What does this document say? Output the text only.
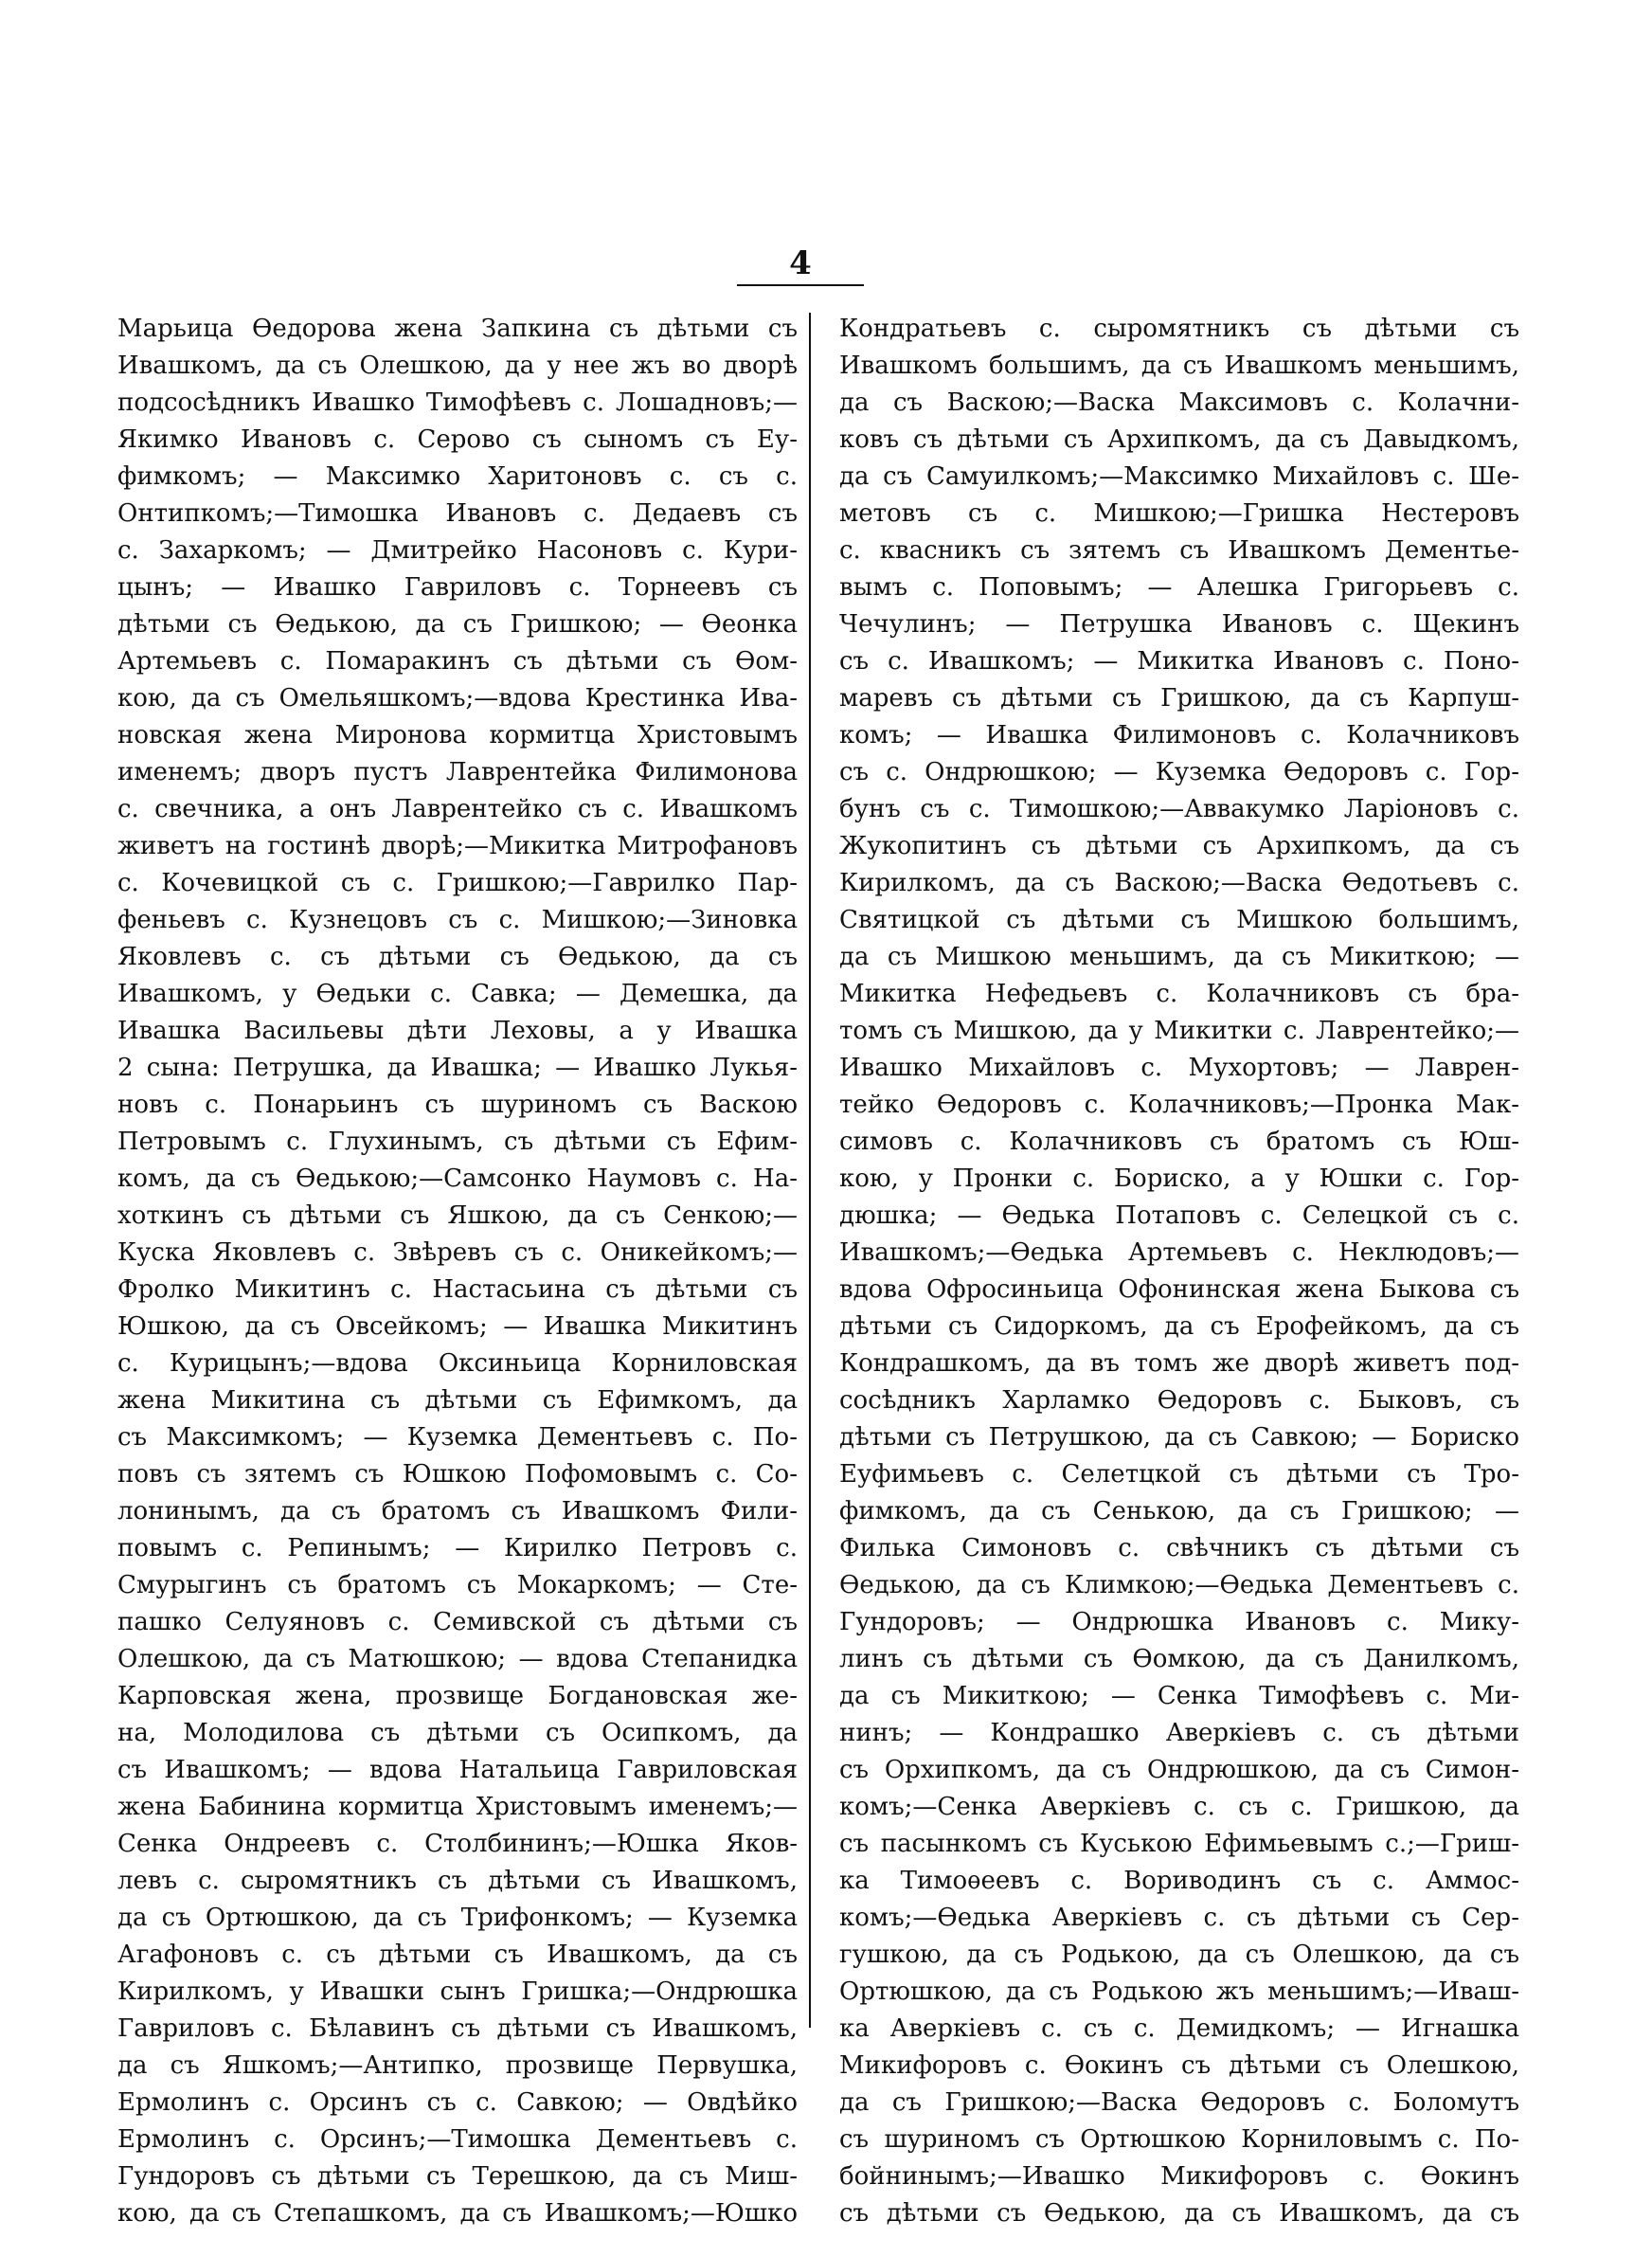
4
Марьица Өедорова жена Запкина съ дѣтьми съ
Ивашкомъ, да съ Олешкою, да у нее жъ во дворѣ
подсосѣдникъ Ивашко Тимофѣевъ с. Лошадновъ;—
Якимко Ивановъ с. Серово съ сыномъ съ Еу-
фимкомъ; — Максимко Харитоновъ с. съ с.
Онтипкомъ;—Тимошка Ивановъ с. Дедаевъ съ
с. Захаркомъ; — Дмитрейко Насоновъ с. Кури-
цынъ; — Ивашко Гавриловъ с. Торнеевъ съ
дѣтьми съ Өедькою, да съ Гришкою; — Өеонка
Артемьевъ с. Помаракинъ съ дѣтьми съ Өом-
кою, да съ Омельяшкомъ;—вдова Крестинка Ива-
новская жена Миронова кормитца Христовымъ
именемъ; дворъ пустъ Лаврентейка Филимонова
с. свечника, а онъ Лаврентейко съ с. Ивашкомъ
живетъ на гостинѣ дворѣ;—Микитка Митрофановъ
с. Кочевицкой съ с. Гришкою;—Гаврилко Пар-
феньевъ с. Кузнецовъ съ с. Мишкою;—Зиновка
Яковлевъ с. съ дѣтьми съ Өедькою, да съ
Ивашкомъ, у Өедьки с. Савка; — Демешка, да
Ивашка Васильевы дѣти Леховы, а у Ивашка
2 сына: Петрушка, да Ивашка; — Ивашко Лукья-
новъ с. Понарьинъ съ шуриномъ съ Васкою
Петровымъ с. Глухинымъ, съ дѣтьми съ Ефим-
комъ, да съ Өедькою;—Самсонко Наумовъ с. На-
хоткинъ съ дѣтьми съ Яшкою, да съ Сенкою;—
Куска Яковлевъ с. Звѣревъ съ с. Оникейкомъ;—
Фролко Микитинъ с. Настасьина съ дѣтьми съ
Юшкою, да съ Овсейкомъ; — Ивашка Микитинъ
с. Курицынъ;—вдова Оксиньица Корниловская
жена Микитина съ дѣтьми съ Ефимкомъ, да
съ Максимкомъ; — Куземка Дементьевъ с. По-
повъ съ зятемъ съ Юшкою Пофомовымъ с. Со-
лонинымъ, да съ братомъ съ Ивашкомъ Фили-
повымъ с. Репинымъ; — Кирилко Петровъ с.
Смурыгинъ съ братомъ съ Мокаркомъ; — Сте-
пашко Селуяновъ с. Семивской съ дѣтьми съ
Олешкою, да съ Матюшкою; — вдова Степанидка
Карповская жена, прозвище Богдановская же-
на, Молодилова съ дѣтьми съ Осипкомъ, да
съ Ивашкомъ; — вдова Натальица Гавриловская
жена Бабинина кормитца Христовымъ именемъ;—
Сенка Ондреевъ с. Столбининъ;—Юшка Яков-
левъ с. сыромятникъ съ дѣтьми съ Ивашкомъ,
да съ Ортюшкою, да съ Трифонкомъ; — Куземка
Агафоновъ с. съ дѣтьми съ Ивашкомъ, да съ
Кирилкомъ, у Ивашки сынъ Гришка;—Ондрюшка
Гавриловъ с. Бѣлавинъ съ дѣтьми съ Ивашкомъ,
да съ Яшкомъ;—Антипко, прозвище Первушка,
Ермолинъ с. Орсинъ съ с. Савкою; — Овдѣйко
Ермолинъ с. Орсинъ;—Тимошка Дементьевъ с.
Гундоровъ съ дѣтьми съ Терешкою, да съ Миш-
кою, да съ Степашкомъ, да съ Ивашкомъ;—Юшко
Кондратьевъ с. сыромятникъ съ дѣтьми съ
Ивашкомъ большимъ, да съ Ивашкомъ меньшимъ,
да съ Васкою;—Васка Максимовъ с. Колачни-
ковъ съ дѣтьми съ Архипкомъ, да съ Давыдкомъ,
да съ Самуилкомъ;—Максимко Михайловъ с. Ше-
метовъ съ с. Мишкою;—Гришка Нестеровъ
с. квасникъ съ зятемъ съ Ивашкомъ Дементье-
вымъ с. Поповымъ; — Алешка Григорьевъ с.
Чечулинъ; — Петрушка Ивановъ с. Щекинъ
съ с. Ивашкомъ; — Микитка Ивановъ с. Поно-
маревъ съ дѣтьми съ Гришкою, да съ Карпуш-
комъ; — Ивашка Филимоновъ с. Колачниковъ
съ с. Ондрюшкою; — Куземка Өедоровъ с. Гор-
бунъ съ с. Тимошкою;—Аввакумко Ларіоновъ с.
Жукопитинъ съ дѣтьми съ Архипкомъ, да съ
Кирилкомъ, да съ Васкою;—Васка Өедотьевъ с.
Святицкой съ дѣтьми съ Мишкою большимъ,
да съ Мишкою меньшимъ, да съ Микиткою; —
Микитка Нефедьевъ с. Колачниковъ съ бра-
томъ съ Мишкою, да у Микитки с. Лаврентейко;—
Ивашко Михайловъ с. Мухортовъ; — Лаврен-
тейко Өедоровъ с. Колачниковъ;—Пронка Мак-
симовъ с. Колачниковъ съ братомъ съ Юш-
кою, у Пронки с. Бориско, а у Юшки с. Гор-
дюшка; — Өедька Потаповъ с. Селецкой съ с.
Ивашкомъ;—Өедька Артемьевъ с. Неклюдовъ;—
вдова Офросиньица Офонинская жена Быкова съ
дѣтьми съ Сидоркомъ, да съ Ерофейкомъ, да съ
Кондрашкомъ, да въ томъ же дворѣ живетъ под-
сосѣдникъ Харламко Өедоровъ с. Быковъ, съ
дѣтьми съ Петрушкою, да съ Савкою; — Бориско
Еуфимьевъ с. Селетцкой съ дѣтьми съ Тро-
фимкомъ, да съ Сенькою, да съ Гришкою; —
Филька Симоновъ с. свѣчникъ съ дѣтьми съ
Өедькою, да съ Климкою;—Өедька Дементьевъ с.
Гундоровъ; — Ондрюшка Ивановъ с. Мику-
линъ съ дѣтьми съ Өомкою, да съ Данилкомъ,
да съ Микиткою; — Сенка Тимофѣевъ с. Ми-
нинъ; — Кондрашко Аверкіевъ с. съ дѣтьми
съ Орхипкомъ, да съ Ондрюшкою, да съ Симон-
комъ;—Сенка Аверкіевъ с. съ с. Гришкою, да
съ пасынкомъ съ Куською Ефимьевымъ с.;—Гриш-
ка Тимоѳеевъ с. Вориводинъ съ с. Аммос-
комъ;—Өедька Аверкіевъ с. съ дѣтьми съ Сер-
гушкою, да съ Родькою, да съ Олешкою, да съ
Ортюшкою, да съ Родькою жъ меньшимъ;—Иваш-
ка Аверкіевъ с. съ с. Демидкомъ; — Игнашка
Микифоровъ с. Өокинъ съ дѣтьми съ Олешкою,
да съ Гришкою;—Васка Өедоровъ с. Боломутъ
съ шуриномъ съ Ортюшкою Корниловымъ с. По-
бойнинымъ;—Ивашко Микифоровъ с. Өокинъ
съ дѣтьми съ Өедькою, да съ Ивашкомъ, да съ
